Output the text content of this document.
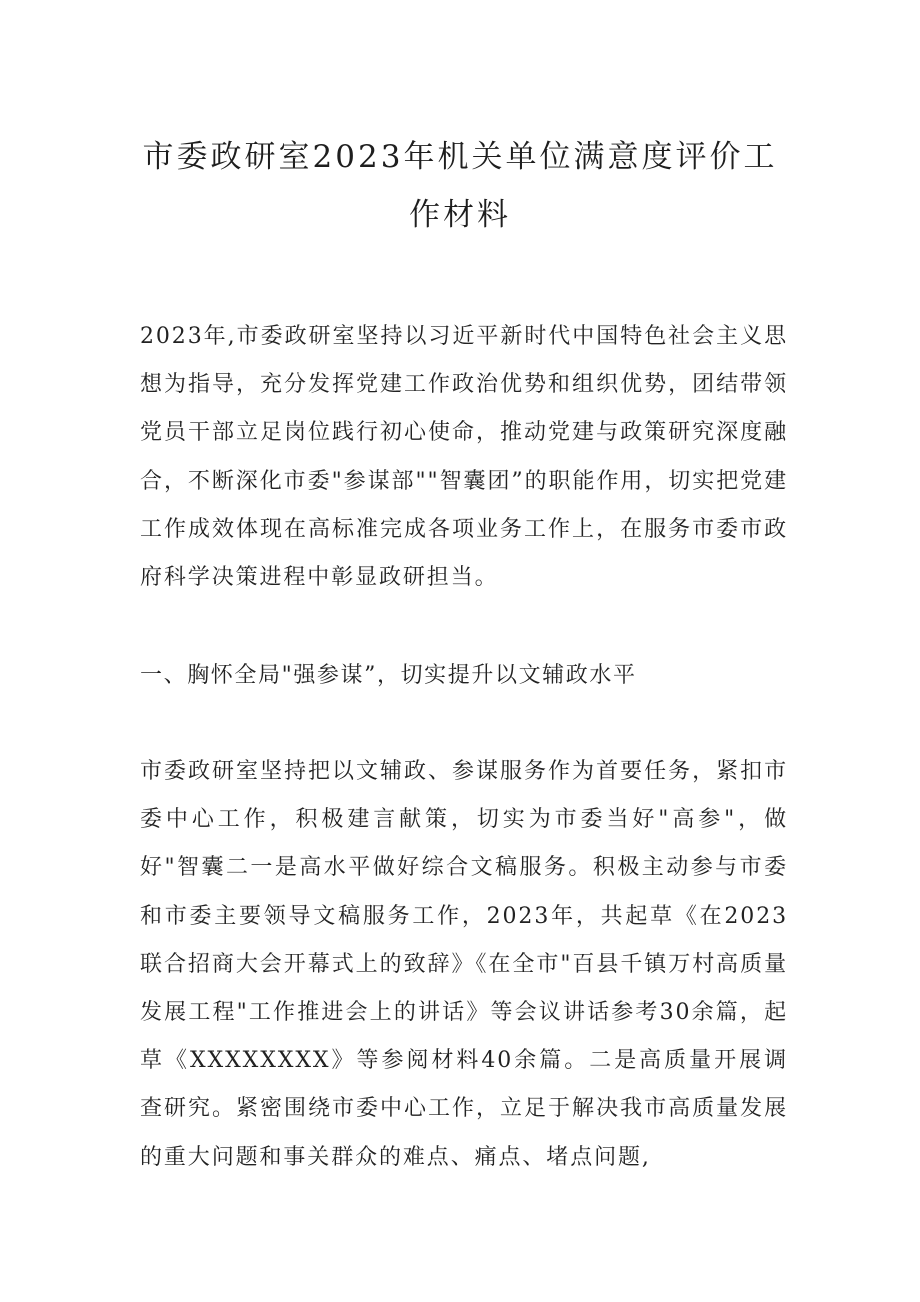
市委政研室2023年机关单位满意度评价工作材料

2023年,市委政研室坚持以习近平新时代中国特色社会主义思想为指导，充分发挥党建工作政治优势和组织优势，团结带领党员干部立足岗位践行初心使命，推动党建与政策研究深度融合，不断深化市委"参谋部""智囊团”的职能作用，切实把党建工作成效体现在高标准完成各项业务工作上，在服务市委市政府科学决策进程中彰显政研担当。

一、胸怀全局"强参谋”，切实提升以文辅政水平

市委政研室坚持把以文辅政、参谋服务作为首要任务，紧扣市委中心工作，积极建言献策，切实为市委当好"高参"，做好"智囊二一是高水平做好综合文稿服务。积极主动参与市委和市委主要领导文稿服务工作，2023年，共起草《在2023联合招商大会开幕式上的致辞》《在全市"百县千镇万村高质量发展工程"工作推进会上的讲话》等会议讲话参考30余篇，起草《XXXXXXXX》等参阅材料40余篇。二是高质量开展调查研究。紧密围绕市委中心工作，立足于解决我市高质量发展的重大问题和事关群众的难点、痛点、堵点问题,
